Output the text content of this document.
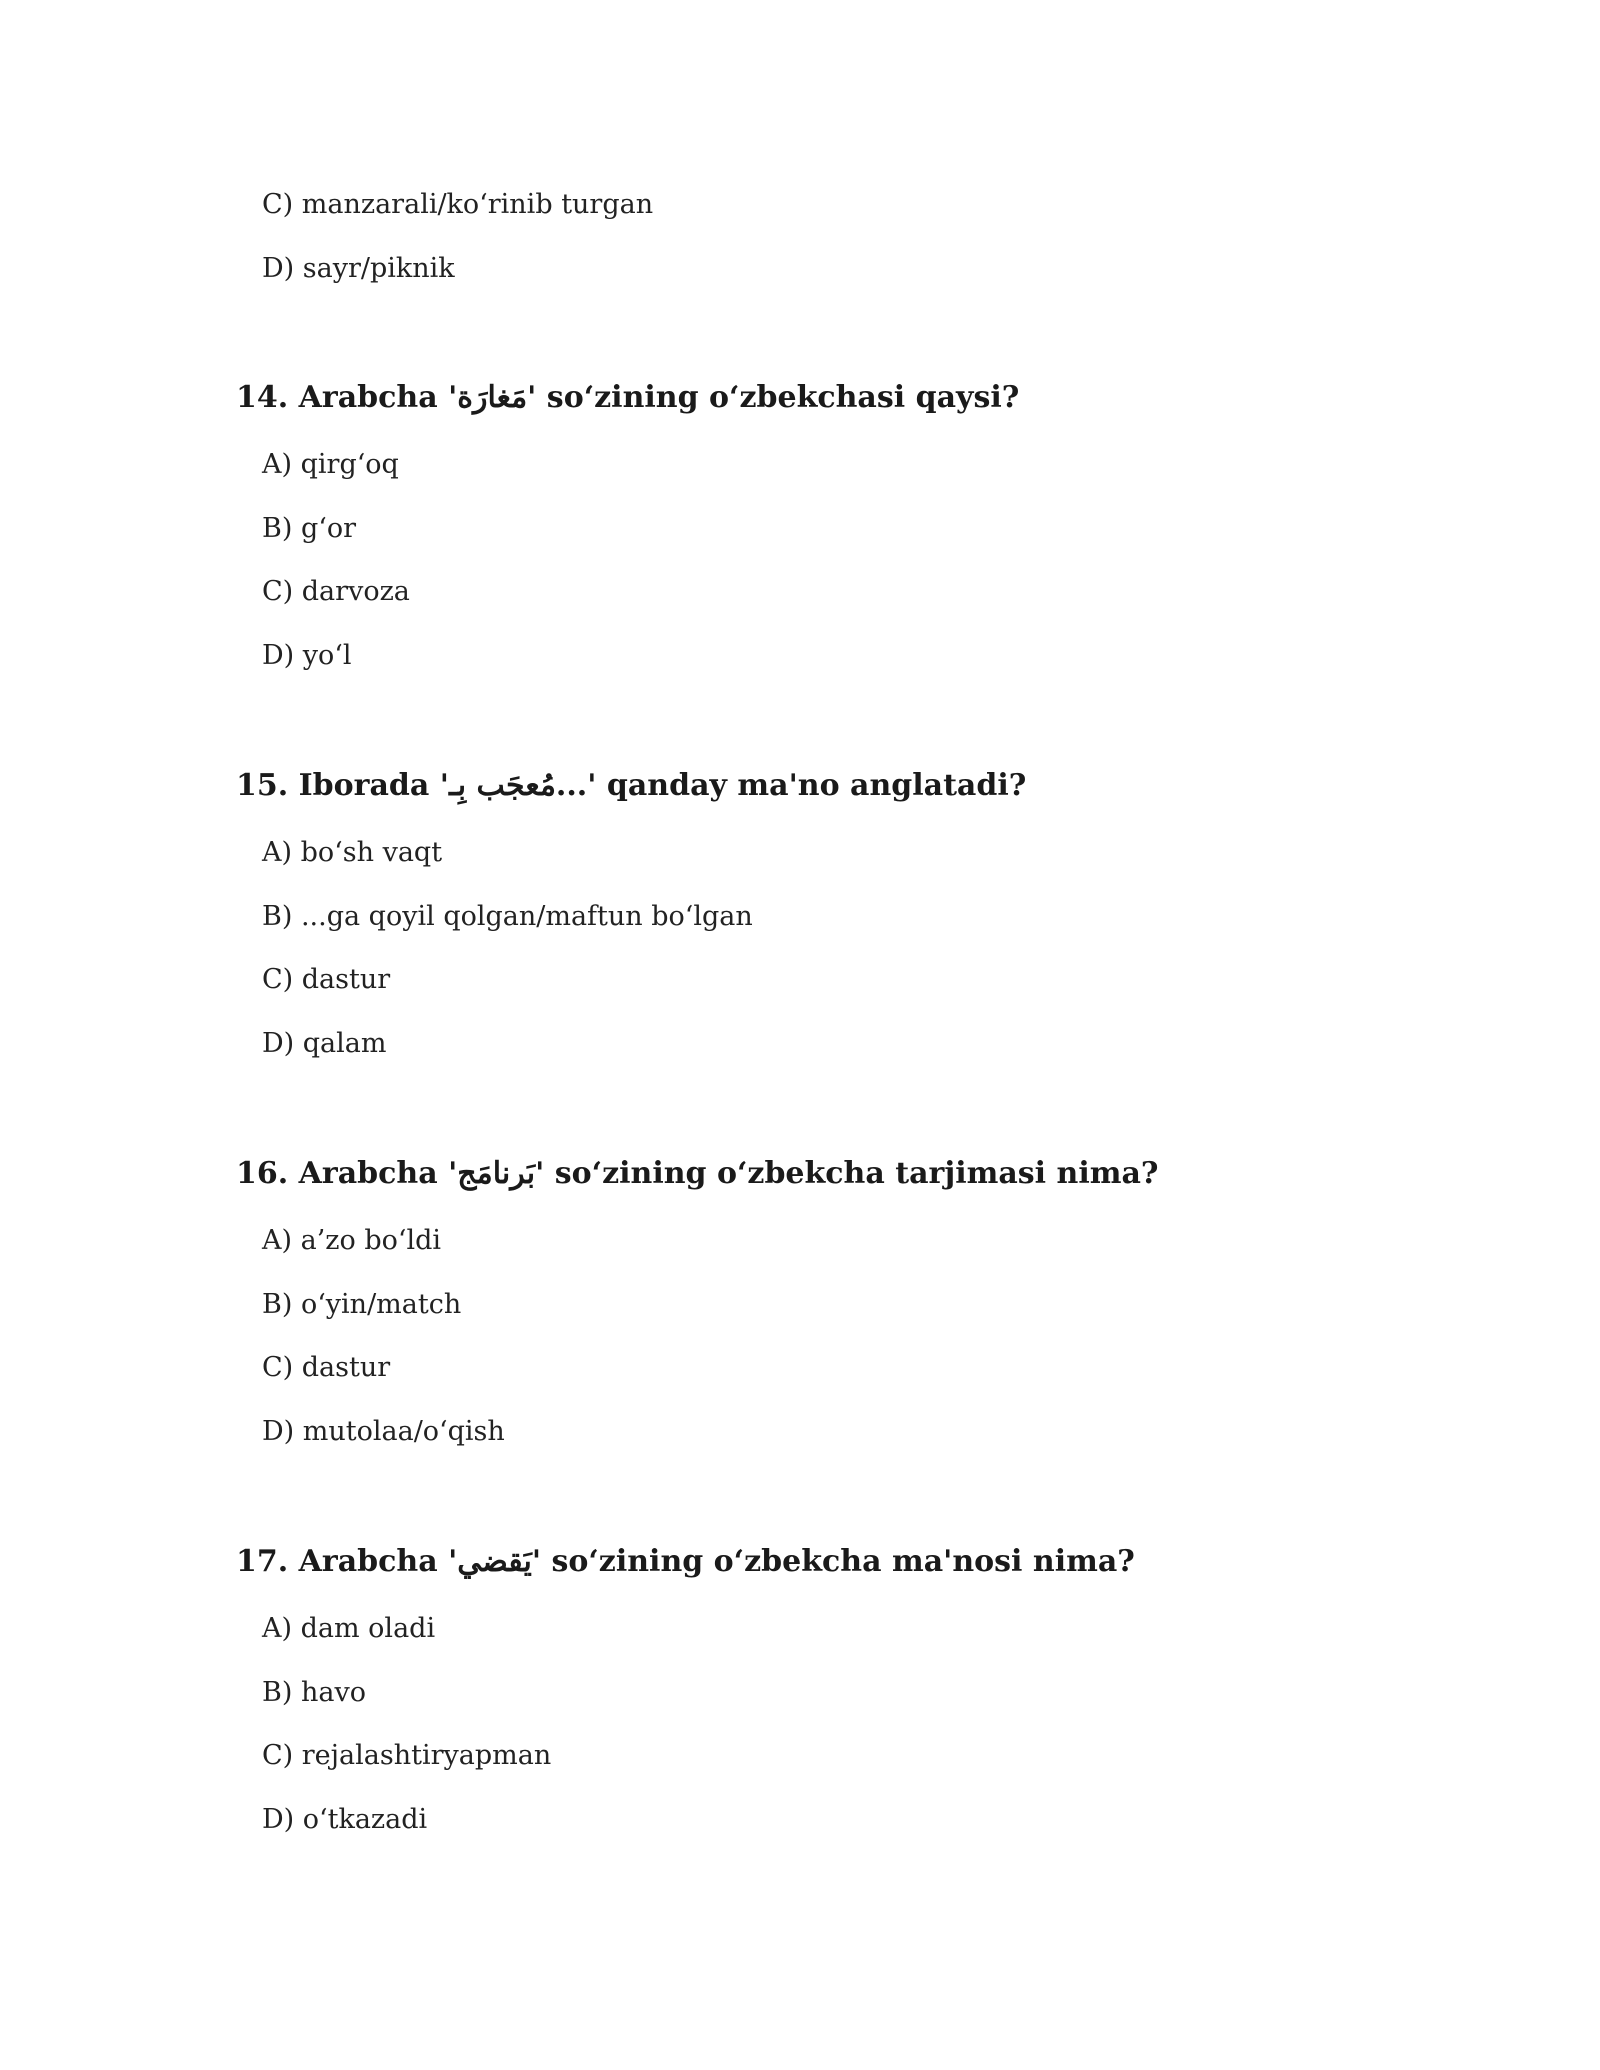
C) manzarali/koʻrinib turgan
D) sayr/piknik
14. Arabcha 'مَغارَة' soʻzining oʻzbekchasi qaysi?
A) qirgʻoq
B) gʻor
C) darvoza
D) yoʻl
15. Iborada 'مُعجَب بِـ...' qanday ma'no anglatadi?
A) boʻsh vaqt
B) ...ga qoyil qolgan/maftun boʻlgan
C) dastur
D) qalam
16. Arabcha 'بَرنامَج' soʻzining oʻzbekcha tarjimasi nima?
A) a’zo boʻldi
B) oʻyin/match
C) dastur
D) mutolaa/oʻqish
17. Arabcha 'يَقضي' soʻzining oʻzbekcha ma'nosi nima?
A) dam oladi
B) havo
C) rejalashtiryapman
D) oʻtkazadi
